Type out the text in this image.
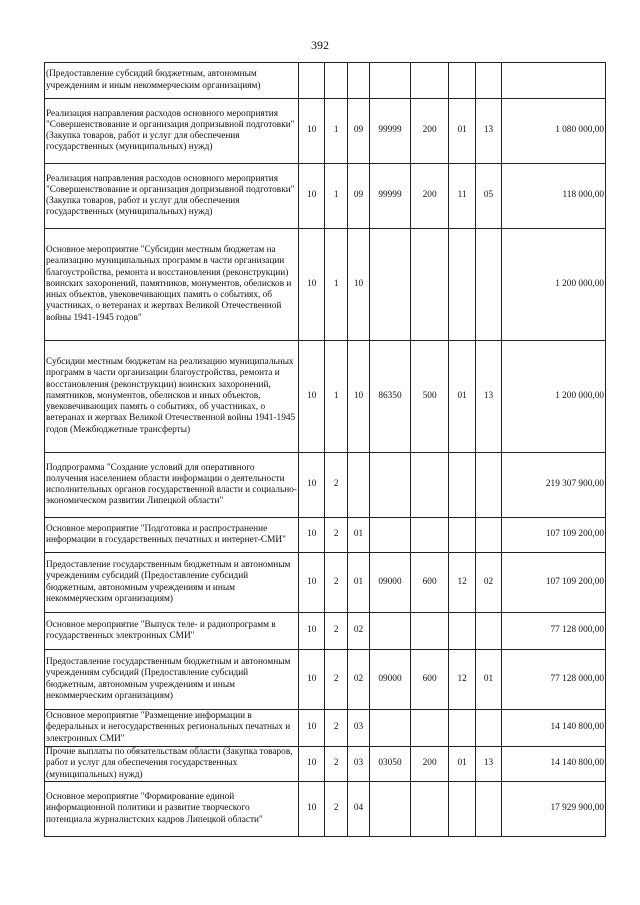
392
(Предоставление субсидий бюджетным, автономным учреждениям и иным некоммерческим организациям)								
Реализация направления расходов основного мероприятия "Совершенствование и организация допризывной подготовки" (Закупка товаров, работ и услуг для обеспечения государственных (муниципальных) нужд)	10	1	09	99999	200	01	13	1 080 000,00
Реализация направления расходов основного мероприятия "Совершенствование и организация допризывной подготовки" (Закупка товаров, работ и услуг для обеспечения государственных (муниципальных) нужд)	10	1	09	99999	200	11	05	118 000,00
Основное мероприятие "Субсидии местным бюджетам на реализацию муниципальных программ в части организации благоустройства, ремонта и восстановления (реконструкции) воинских захоронений, памятников, монументов, обелисков и иных объектов, увековечивающих память о событиях, об участниках, о ветеранах и жертвах Великой Отечественной войны 1941-1945 годов"	10	1	10					1 200 000,00
Субсидии местным бюджетам на реализацию муниципальных программ в части организации благоустройства, ремонта и восстановления (реконструкции) воинских захоронений, памятников, монументов, обелисков и иных объектов, увековечивающих память о событиях, об участниках, о ветеранах и жертвах Великой Отечественной войны 1941-1945 годов (Межбюджетные трансферты)	10	1	10	86350	500	01	13	1 200 000,00
Подпрограмма "Создание условий для оперативного получения населением области информации о деятельности исполнительных органов государственной власти и социально-экономическом развитии Липецкой области"	10	2						219 307 900,00
Основное мероприятие "Подготовка и распространение информации в государственных печатных и интернет-СМИ"	10	2	01					107 109 200,00
Предоставление государственным бюджетным и автономным учреждениям субсидий (Предоставление субсидий бюджетным, автономным учреждениям и иным некоммерческим организациям)	10	2	01	09000	600	12	02	107 109 200,00
Основное мероприятие "Выпуск теле- и радиопрограмм в государственных электронных СМИ"	10	2	02					77 128 000,00
Предоставление государственным бюджетным и автономным учреждениям субсидий (Предоставление субсидий бюджетным, автономным учреждениям и иным некоммерческим организациям)	10	2	02	09000	600	12	01	77 128 000,00
Основное мероприятие "Размещение информации в федеральных и негосударственных региональных печатных и электронных СМИ"	10	2	03					14 140 800,00
Прочие выплаты по обязательствам области (Закупка товаров, работ и услуг для обеспечения государственных (муниципальных) нужд)	10	2	03	03050	200	01	13	14 140 800,00
Основное мероприятие "Формирование единой информационной политики и развитие творческого потенциала журналистских кадров Липецкой области"	10	2	04					17 929 900,00
